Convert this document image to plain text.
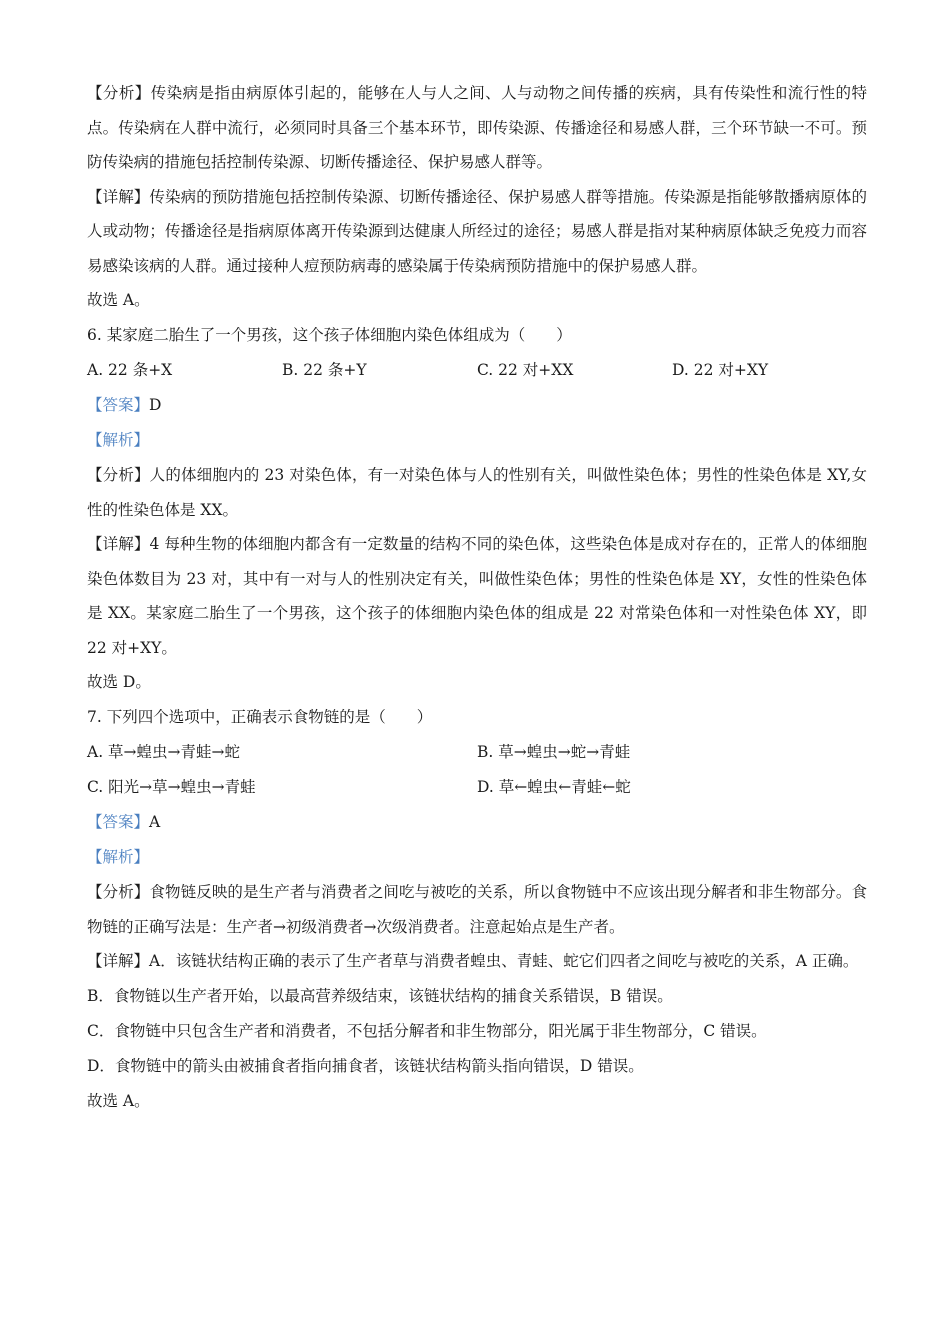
【分析】传染病是指由病原体引起的，能够在人与人之间、人与动物之间传播的疾病，具有传染性和流行性的特点。传染病在人群中流行，必须同时具备三个基本环节，即传染源、传播途径和易感人群，三个环节缺一不可。预防传染病的措施包括控制传染源、切断传播途径、保护易感人群等。

【详解】传染病的预防措施包括控制传染源、切断传播途径、保护易感人群等措施。传染源是指能够散播病原体的人或动物；传播途径是指病原体离开传染源到达健康人所经过的途径；易感人群是指对某种病原体缺乏免疫力而容易感染该病的人群。通过接种人痘预防病毒的感染属于传染病预防措施中的保护易感人群。

故选 A。

6. 某家庭二胎生了一个男孩，这个孩子体细胞内染色体组成为（　　）

A. 22 条+X	B. 22 条+Y	C. 22 对+XX	D. 22 对+XY

【答案】D

【解析】

【分析】人的体细胞内的 23 对染色体，有一对染色体与人的性别有关，叫做性染色体；男性的性染色体是 XY,女性的性染色体是 XX。

【详解】4 每种生物的体细胞内都含有一定数量的结构不同的染色体，这些染色体是成对存在的，正常人的体细胞染色体数目为 23 对，其中有一对与人的性别决定有关，叫做性染色体；男性的性染色体是 XY，女性的性染色体是 XX。某家庭二胎生了一个男孩，这个孩子的体细胞内染色体的组成是 22 对常染色体和一对性染色体 XY，即 22 对+XY。

故选 D。

7. 下列四个选项中，正确表示食物链的是（　　）

A. 草→蝗虫→青蛙→蛇	B. 草→蝗虫→蛇→青蛙
C. 阳光→草→蝗虫→青蛙	D. 草←蝗虫←青蛙←蛇

【答案】A

【解析】

【分析】食物链反映的是生产者与消费者之间吃与被吃的关系，所以食物链中不应该出现分解者和非生物部分。食物链的正确写法是：生产者→初级消费者→次级消费者。注意起始点是生产者。

【详解】A．该链状结构正确的表示了生产者草与消费者蝗虫、青蛙、蛇它们四者之间吃与被吃的关系，A 正确。

B．食物链以生产者开始，以最高营养级结束，该链状结构的捕食关系错误，B 错误。

C．食物链中只包含生产者和消费者，不包括分解者和非生物部分，阳光属于非生物部分，C 错误。

D．食物链中的箭头由被捕食者指向捕食者，该链状结构箭头指向错误，D 错误。

故选 A。
